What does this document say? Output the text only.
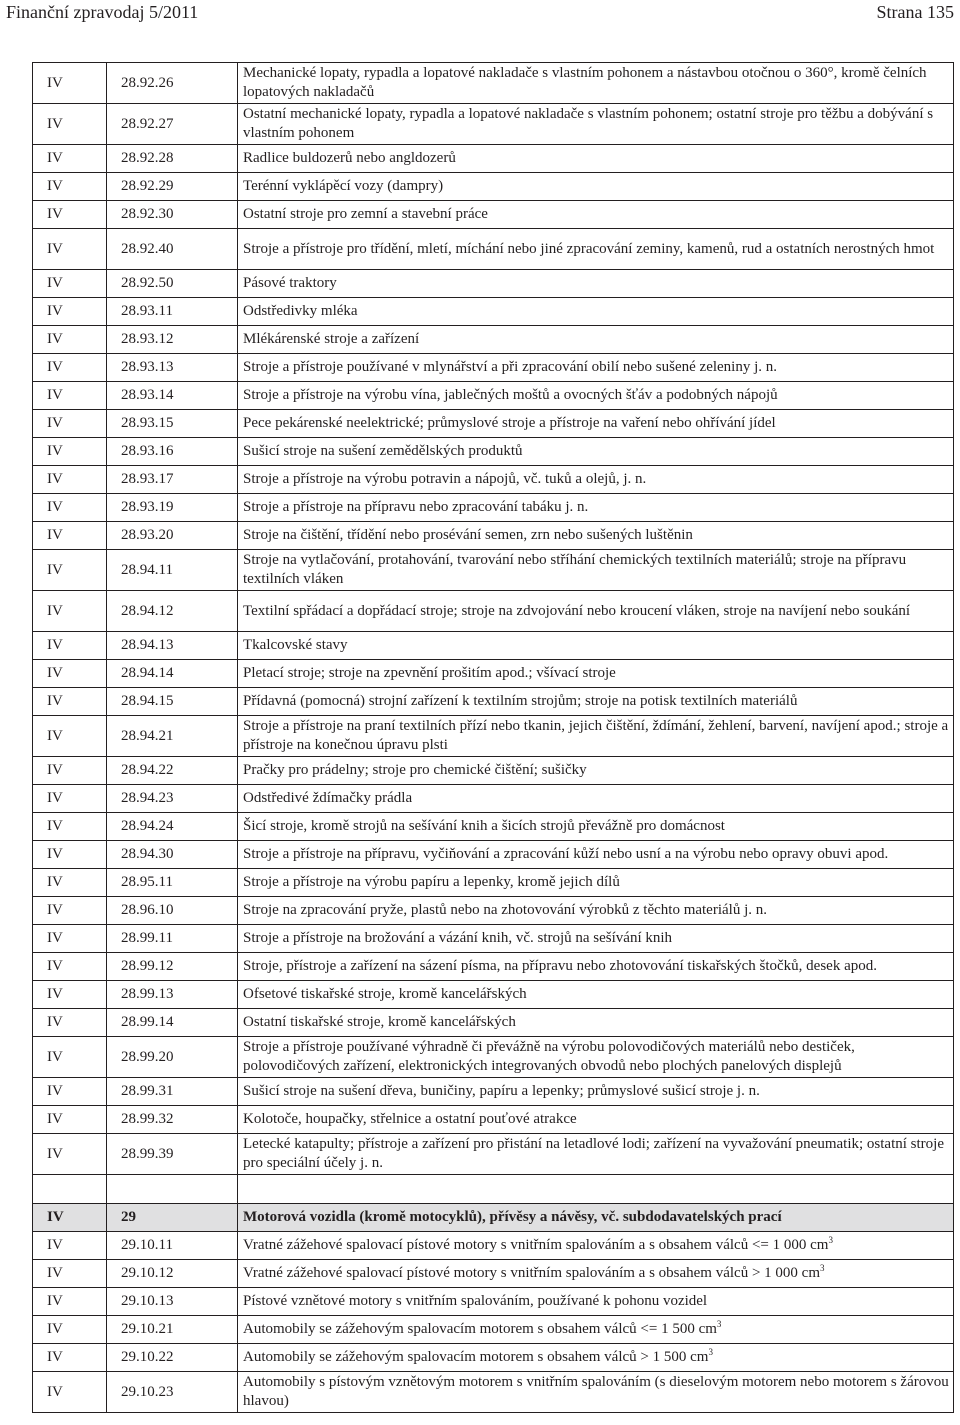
Finanční zpravodaj 5/2011	Strana 135
IV	28.92.26	Mechanické lopaty, rypadla a lopatové nakladače s vlastním pohonem a nástavbou otočnou o 360°, kromě čelních lopatových nakladačů
IV	28.92.27	Ostatní mechanické lopaty, rypadla a lopatové nakladače s vlastním pohonem; ostatní stroje pro těžbu a dobývání s vlastním pohonem
IV	28.92.28	Radlice buldozerů nebo angldozerů
IV	28.92.29	Terénní vyklápěcí vozy (dampry)
IV	28.92.30	Ostatní stroje pro zemní a stavební práce
IV	28.92.40	Stroje a přístroje pro třídění, mletí, míchání nebo jiné zpracování zeminy, kamenů, rud a ostatních nerostných hmot
IV	28.92.50	Pásové traktory
IV	28.93.11	Odstředivky mléka
IV	28.93.12	Mlékárenské stroje a zařízení
IV	28.93.13	Stroje a přístroje používané v mlynářství a při zpracování obilí nebo sušené zeleniny j. n.
IV	28.93.14	Stroje a přístroje na výrobu vína, jablečných moštů a ovocných šťáv a podobných nápojů
IV	28.93.15	Pece pekárenské neelektrické; průmyslové stroje a přístroje na vaření nebo ohřívání jídel
IV	28.93.16	Sušicí stroje na sušení zemědělských produktů
IV	28.93.17	Stroje a přístroje na výrobu potravin a nápojů, vč. tuků a olejů, j. n.
IV	28.93.19	Stroje a přístroje na přípravu nebo zpracování tabáku j. n.
IV	28.93.20	Stroje na čištění, třídění nebo prosévání semen, zrn nebo sušených luštěnin
IV	28.94.11	Stroje na vytlačování, protahování, tvarování nebo stříhání chemických textilních materiálů; stroje na přípravu textilních vláken
IV	28.94.12	Textilní spřádací a dopřádací stroje; stroje na zdvojování nebo kroucení vláken, stroje na navíjení nebo soukání
IV	28.94.13	Tkalcovské stavy
IV	28.94.14	Pletací stroje; stroje na zpevnění prošitím apod.; všívací stroje
IV	28.94.15	Přídavná (pomocná) strojní zařízení k textilním strojům; stroje na potisk textilních materiálů
IV	28.94.21	Stroje a přístroje na praní textilních přízí nebo tkanin, jejich čištění, ždímání, žehlení, barvení, navíjení apod.; stroje a přístroje na konečnou úpravu plsti
IV	28.94.22	Pračky pro prádelny; stroje pro chemické čištění; sušičky
IV	28.94.23	Odstředivé ždímačky prádla
IV	28.94.24	Šicí stroje, kromě strojů na sešívání knih a šicích strojů převážně pro domácnost
IV	28.94.30	Stroje a přístroje na přípravu, vyčiňování a zpracování kůží nebo usní a na výrobu nebo opravy obuvi apod.
IV	28.95.11	Stroje a přístroje na výrobu papíru a lepenky, kromě jejich dílů
IV	28.96.10	Stroje na zpracování pryže, plastů nebo na zhotovování výrobků z těchto materiálů j. n.
IV	28.99.11	Stroje a přístroje na brožování a vázání knih, vč. strojů na sešívání knih
IV	28.99.12	Stroje, přístroje a zařízení na sázení písma, na přípravu nebo zhotovování tiskařských štočků, desek apod.
IV	28.99.13	Ofsetové tiskařské stroje, kromě kancelářských
IV	28.99.14	Ostatní tiskařské stroje, kromě kancelářských
IV	28.99.20	Stroje a přístroje používané výhradně či převážně na výrobu polovodičových materiálů nebo destiček, polovodičových zařízení, elektronických integrovaných obvodů nebo plochých panelových displejů
IV	28.99.31	Sušicí stroje na sušení dřeva, buničiny, papíru a lepenky; průmyslové sušicí stroje j. n.
IV	28.99.32	Kolotoče, houpačky, střelnice a ostatní pouťové atrakce
IV	28.99.39	Letecké katapulty; přístroje a zařízení pro přistání na letadlové lodi; zařízení na vyvažování pneumatik; ostatní stroje pro speciální účely j. n.

IV	29	Motorová vozidla (kromě motocyklů), přívěsy a návěsy, vč. subdodavatelských prací
IV	29.10.11	Vratné zážehové spalovací pístové motory s vnitřním spalováním a s obsahem válců <= 1 000 $cm^3$
IV	29.10.12	Vratné zážehové spalovací pístové motory s vnitřním spalováním a s obsahem válců > 1 000 $cm^3$
IV	29.10.13	Pístové vznětové motory s vnitřním spalováním, používané k pohonu vozidel
IV	29.10.21	Automobily se zážehovým spalovacím motorem s obsahem válců <= 1 500 $cm^3$
IV	29.10.22	Automobily se zážehovým spalovacím motorem s obsahem válců > 1 500 $cm^3$
IV	29.10.23	Automobily s pístovým vznětovým motorem s vnitřním spalováním (s dieselovým motorem nebo motorem s žárovou hlavou)
